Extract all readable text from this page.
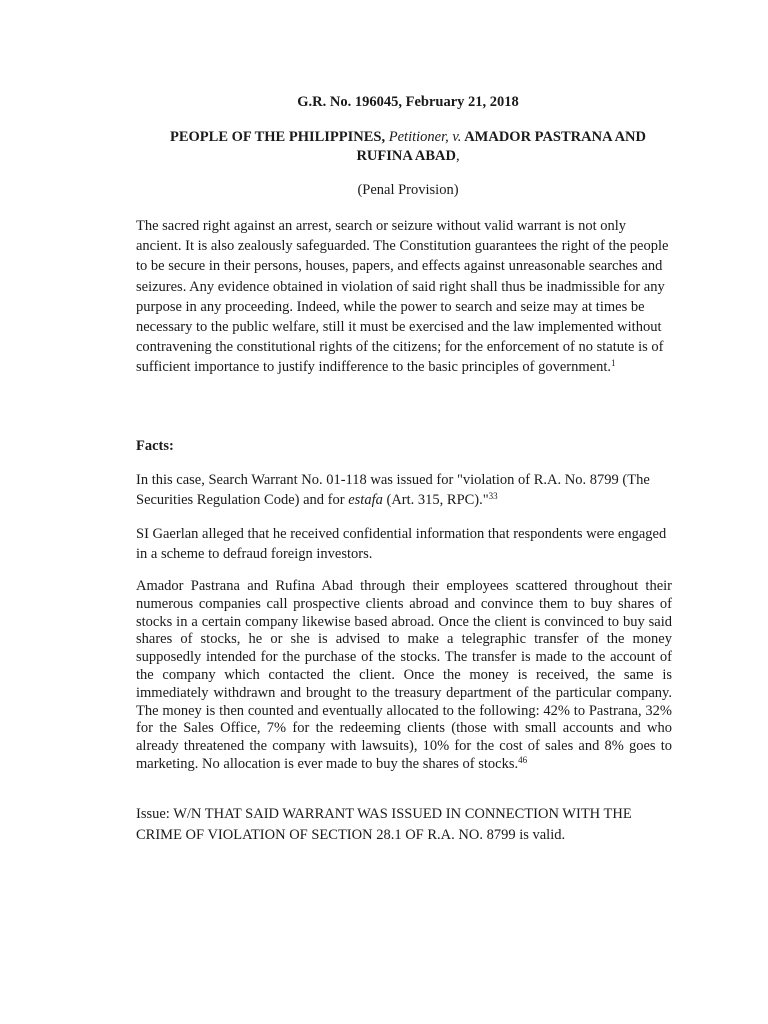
G.R. No. 196045, February 21, 2018
PEOPLE OF THE PHILIPPINES, Petitioner, v. AMADOR PASTRANA AND
RUFINA ABAD,
(Penal Provision)

The sacred right against an arrest, search or seizure without valid warrant is not only ancient. It is also zealously safeguarded. The Constitution guarantees the right of the people to be secure in their persons, houses, papers, and effects against unreasonable searches and seizures. Any evidence obtained in violation of said right shall thus be inadmissible for any purpose in any proceeding. Indeed, while the power to search and seize may at times be necessary to the public welfare, still it must be exercised and the law implemented without contravening the constitutional rights of the citizens; for the enforcement of no statute is of sufficient importance to justify indifference to the basic principles of government.$^1$

Facts:

In this case, Search Warrant No. 01-118 was issued for "violation of R.A. No. 8799 (The Securities Regulation Code) and for estafa (Art. 315, RPC)."$^{33}$

SI Gaerlan alleged that he received confidential information that respondents were engaged in a scheme to defraud foreign investors.

Amador Pastrana and Rufina Abad through their employees scattered throughout their numerous companies call prospective clients abroad and convince them to buy shares of stocks in a certain company likewise based abroad. Once the client is convinced to buy said shares of stocks, he or she is advised to make a telegraphic transfer of the money supposedly intended for the purchase of the stocks. The transfer is made to the account of the company which contacted the client. Once the money is received, the same is immediately withdrawn and brought to the treasury department of the particular company. The money is then counted and eventually allocated to the following: 42% to Pastrana, 32% for the Sales Office, 7% for the redeeming clients (those with small accounts and who already threatened the company with lawsuits), 10% for the cost of sales and 8% goes to marketing. No allocation is ever made to buy the shares of stocks.$^{46}$

Issue: W/N THAT SAID WARRANT WAS ISSUED IN CONNECTION WITH THE CRIME OF VIOLATION OF SECTION 28.1 OF R.A. NO. 8799 is valid.
